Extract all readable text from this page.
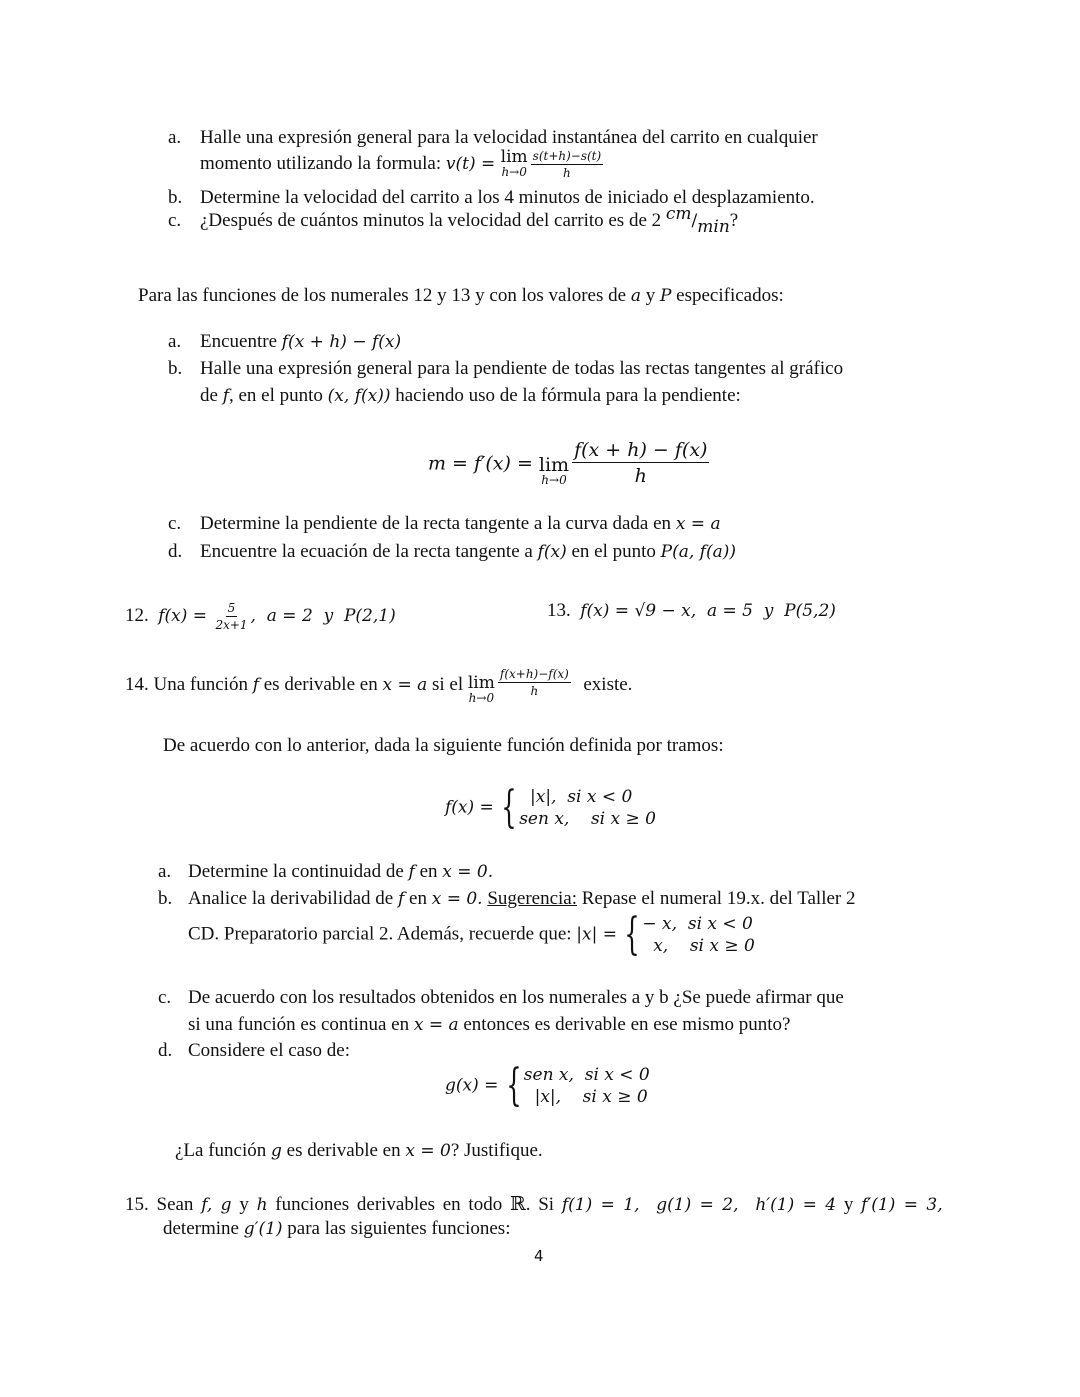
a. Halle una expresión general para la velocidad instantánea del carrito en cualquier
momento utilizando la formula: v(t) = lim
$h\to 0 \frac{s(t+h)-s(t)}{h}$
b. Determine la velocidad del carrito a los 4 minutos de iniciado el desplazamiento.
c. ¿Después de cuántos minutos la velocidad del carrito es de 2 cm/min?
Para las funciones de los numerales 12 y 13 y con los valores de a y P especificados:
a. Encuentre f(x + h) − f(x)
b. Halle una expresión general para la pendiente de todas las rectas tangentes al gráfico
de f, en el punto (x, f(x)) haciendo uso de la fórmula para la pendiente:
m = f′(x) = lim
$h\to 0 \frac{f(x + h) - f(x)}{h}$
c. Determine la pendiente de la recta tangente a la curva dada en x = a
d. Encuentre la ecuación de la recta tangente a f(x) en el punto P(a, f(a))
12. $f(x) = \frac{5}{2x+1}$ ,  a = 2  y  P(2,1)	13. f(x) = √9 − x,  a = 5  y  P(5,2)
14. Una función f es derivable en x = a si el lim
$h\to 0 \frac{f(x+h)-f(x)}{h}$ existe.
De acuerdo con lo anterior, dada la siguiente función definida por tramos:
f(x) = { |x|,  si x < 0
sen x,    si x ≥ 0
a. Determine la continuidad de f en x = 0.
b. Analice la derivabilidad de f en x = 0. Sugerencia: Repase el numeral 19.x. del Taller 2
CD. Preparatorio parcial 2. Además, recuerde que: |x| = { − x,  si x < 0
x,    si x ≥ 0
c. De acuerdo con los resultados obtenidos en los numerales a y b ¿Se puede afirmar que
si una función es continua en x = a entonces es derivable en ese mismo punto?
d. Considere el caso de:
g(x) = { sen x,  si x < 0
|x|,    si x ≥ 0
¿La función g es derivable en x = 0? Justifique.
15. Sean f, g y h funciones derivables en todo ℝ. Si f(1) = 1,  g(1) = 2,  h′(1) = 4 y f′(1) = 3,
determine g′(1) para las siguientes funciones:
4
